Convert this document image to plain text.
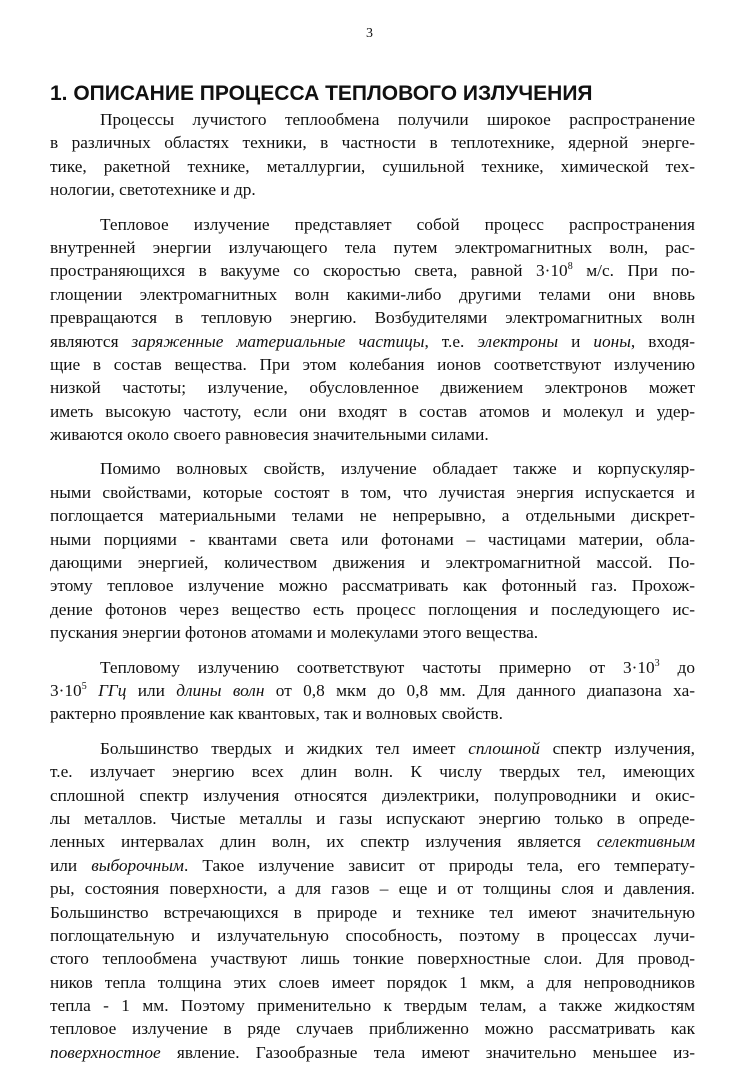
3
1. ОПИСАНИЕ ПРОЦЕССА ТЕПЛОВОГО ИЗЛУЧЕНИЯ
Процессы лучистого теплообмена получили широкое распространение
в различных областях техники, в частности в теплотехнике, ядерной энерге-
тике, ракетной технике, металлургии, сушильной технике, химической тех-
нологии, светотехнике и др.
Тепловое излучение представляет собой процесс распространения
внутренней энергии излучающего тела путем электромагнитных волн, рас-
пространяющихся в вакууме со скоростью света, равной $3\cdot 10^8$ м/с. При по-
глощении электромагнитных волн какими-либо другими телами они вновь
превращаются в тепловую энергию. Возбудителями электромагнитных волн
являются заряженные материальные частицы, т.е. электроны и ионы, входя-
щие в состав вещества. При этом колебания ионов соответствуют излучению
низкой частоты; излучение, обусловленное движением электронов может
иметь высокую частоту, если они входят в состав атомов и молекул и удер-
живаются около своего равновесия значительными силами.
Помимо волновых свойств, излучение обладает также и корпускуляр-
ными свойствами, которые состоят в том, что лучистая энергия испускается и
поглощается материальными телами не непрерывно, а отдельными дискрет-
ными порциями - квантами света или фотонами – частицами материи, обла-
дающими энергией, количеством движения и электромагнитной массой. По-
этому тепловое излучение можно рассматривать как фотонный газ. Прохож-
дение фотонов через вещество есть процесс поглощения и последующего ис-
пускания энергии фотонов атомами и молекулами этого вещества.
Тепловому излучению соответствуют частоты примерно от $3\cdot 10^3$ до
$3\cdot 10^5$ ГГц или длины волн от 0,8 мкм до 0,8 мм. Для данного диапазона ха-
рактерно проявление как квантовых, так и волновых свойств.
Большинство твердых и жидких тел имеет сплошной спектр излучения,
т.е. излучает энергию всех длин волн. К числу твердых тел, имеющих
сплошной спектр излучения относятся диэлектрики, полупроводники и окис-
лы металлов. Чистые металлы и газы испускают энергию только в опреде-
ленных интервалах длин волн, их спектр излучения является селективным
или выборочным. Такое излучение зависит от природы тела, его температу-
ры, состояния поверхности, а для газов – еще и от толщины слоя и давления.
Большинство встречающихся в природе и технике тел имеют значительную
поглощательную и излучательную способность, поэтому в процессах лучи-
стого теплообмена участвуют лишь тонкие поверхностные слои. Для провод-
ников тепла толщина этих слоев имеет порядок 1 мкм, а для непроводников
тепла - 1 мм. Поэтому применительно к твердым телам, а также жидкостям
тепловое излучение в ряде случаев приближенно можно рассматривать как
поверхностное явление. Газообразные тела имеют значительно меньшее из-
